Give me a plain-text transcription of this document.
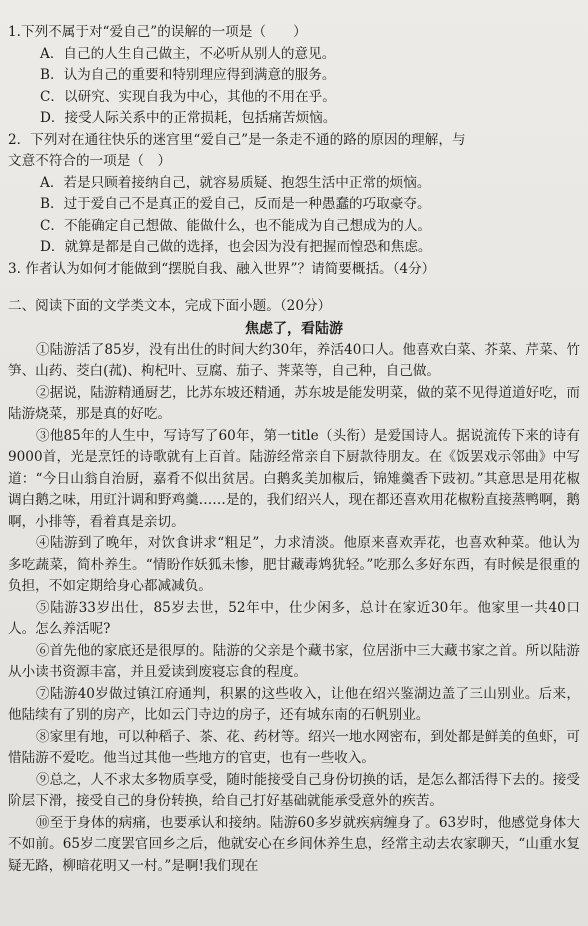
1.下列不属于对“爱自己”的误解的一项是（　　）
A．自己的人生自己做主，不必听从别人的意见。
B．认为自己的重要和特别理应得到满意的服务。
C．以研究、实现自我为中心，其他的不用在乎。
D．接受人际关系中的正常损耗，包括痛苦烦恼。
2．下列对在通往快乐的迷宫里“爱自己”是一条走不通的路的原因的理解，与
文意不符合的一项是（　）
A．若是只顾着接纳自己，就容易质疑、抱怨生活中正常的烦恼。
B．过于爱自己不是真正的爱自己，反而是一种愚蠢的巧取豪夺。
C．不能确定自己想做、能做什么，也不能成为自己想成为的人。
D．就算是都是自己做的选择，也会因为没有把握而惶恐和焦虑。
3. 作者认为如何才能做到“摆脱自我、融入世界”？请简要概括。（4分）
二、阅读下面的文学类文本，完成下面小题。（20分）
焦虑了，看陆游
①陆游活了85岁，没有出仕的时间大约30年，养活40口人。他喜欢白菜、芥菜、芹菜、竹笋、山药、茭白(菰)、枸杞叶、豆腐、茄子、荠菜等，自己种，自己做。
②据说，陆游精通厨艺，比苏东坡还精通，苏东坡是能发明菜，做的菜不见得道道好吃，而陆游烧菜，那是真的好吃。
③他85年的人生中，写诗写了60年，第一title（头衔）是爱国诗人。据说流传下来的诗有9000首，光是烹饪的诗歌就有上百首。陆游经常亲自下厨款待朋友。在《饭罢戏示邻曲》中写道：“今日山翁自治厨，嘉肴不似出贫居。白鹅炙美加椒后，锦雉羹香下豉初。”其意思是用花椒调白鹅之味，用豇汁调和野鸡羹……是的，我们绍兴人，现在都还喜欢用花椒粉直接蒸鸭啊，鹅啊，小排等，看着真是亲切。
④陆游到了晚年，对饮食讲求“粗足”，力求清淡。他原来喜欢弄花，也喜欢种菜。他认为多吃蔬菜，简朴养生。“情盼作妖狐未惨，肥甘藏毒鸩犹轻。”吃那么多好东西，有时候是很重的负担，不如定期给身心都减减负。
⑤陆游33岁出仕，85岁去世，52年中，仕少闲多，总计在家近30年。他家里一共40口人。怎么养活呢?
⑥首先他的家底还是很厚的。陆游的父亲是个藏书家，位居浙中三大藏书家之首。所以陆游从小读书资源丰富，并且爱读到废寝忘食的程度。
⑦陆游40岁做过镇江府通判，积累的这些收入，让他在绍兴鉴湖边盖了三山别业。后来，他陆续有了别的房产，比如云门寺边的房子，还有城东南的石帆别业。
⑧家里有地，可以种稻子、茶、花、药材等。绍兴一地水网密布，到处都是鲜美的鱼虾，可惜陆游不爱吃。他当过其他一些地方的官吏，也有一些收入。
⑨总之，人不求太多物质享受，随时能接受自己身份切换的话，是怎么都活得下去的。接受阶层下滑，接受自己的身份转换，给自己打好基础就能承受意外的疾苦。
⑩至于身体的病痛，也要承认和接纳。陆游60多岁就疾病缠身了。63岁时，他感觉身体大不如前。65岁二度罢官回乡之后，他就安心在乡间休养生息，经常主动去农家聊天，“山重水复疑无路，柳暗花明又一村。”是啊!我们现在
